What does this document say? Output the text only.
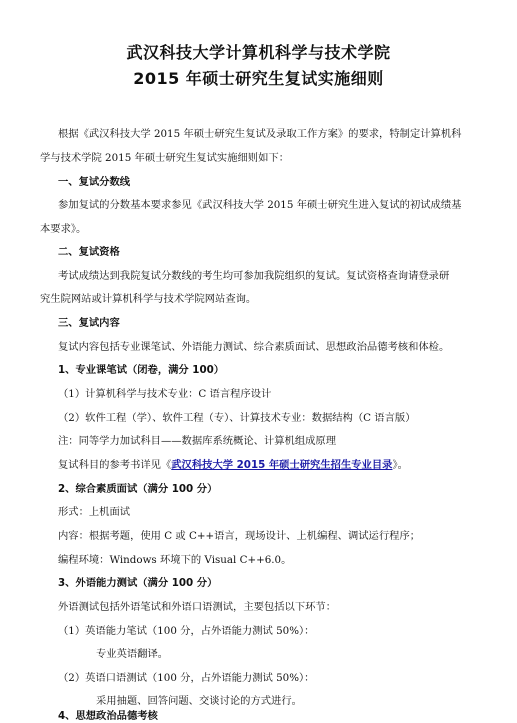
武汉科技大学计算机科学与技术学院
2015 年硕士研究生复试实施细则
根据《武汉科技大学 2015 年硕士研究生复试及录取工作方案》的要求，特制定计算机科
学与技术学院 2015 年硕士研究生复试实施细则如下：
一、复试分数线
参加复试的分数基本要求参见《武汉科技大学 2015 年硕士研究生进入复试的初试成绩基
本要求》。
二、复试资格
考试成绩达到我院复试分数线的考生均可参加我院组织的复试。复试资格查询请登录研
究生院网站或计算机科学与技术学院网站查询。
三、复试内容
复试内容包括专业课笔试、外语能力测试、综合素质面试、思想政治品德考核和体检。
1、专业课笔试（闭卷，满分 100）
（1）计算机科学与技术专业：C 语言程序设计
（2）软件工程（学）、软件工程（专）、计算技术专业：数据结构（C 语言版）
注：同等学力加试科目——数据库系统概论、计算机组成原理
复试科目的参考书详见《武汉科技大学 2015 年硕士研究生招生专业目录》。
2、综合素质面试（满分 100 分）
形式：上机面试
内容：根据考题，使用 C 或 C++语言，现场设计、上机编程、调试运行程序；
编程环境：Windows 环境下的 Visual C++6.0。
3、外语能力测试（满分 100 分）
外语测试包括外语笔试和外语口语测试，主要包括以下环节：
（1）英语能力笔试（100 分，占外语能力测试 50%）：
专业英语翻译。
（2）英语口语测试（100 分，占外语能力测试 50%）：
采用抽题、回答问题、交谈讨论的方式进行。
4、思想政治品德考核
